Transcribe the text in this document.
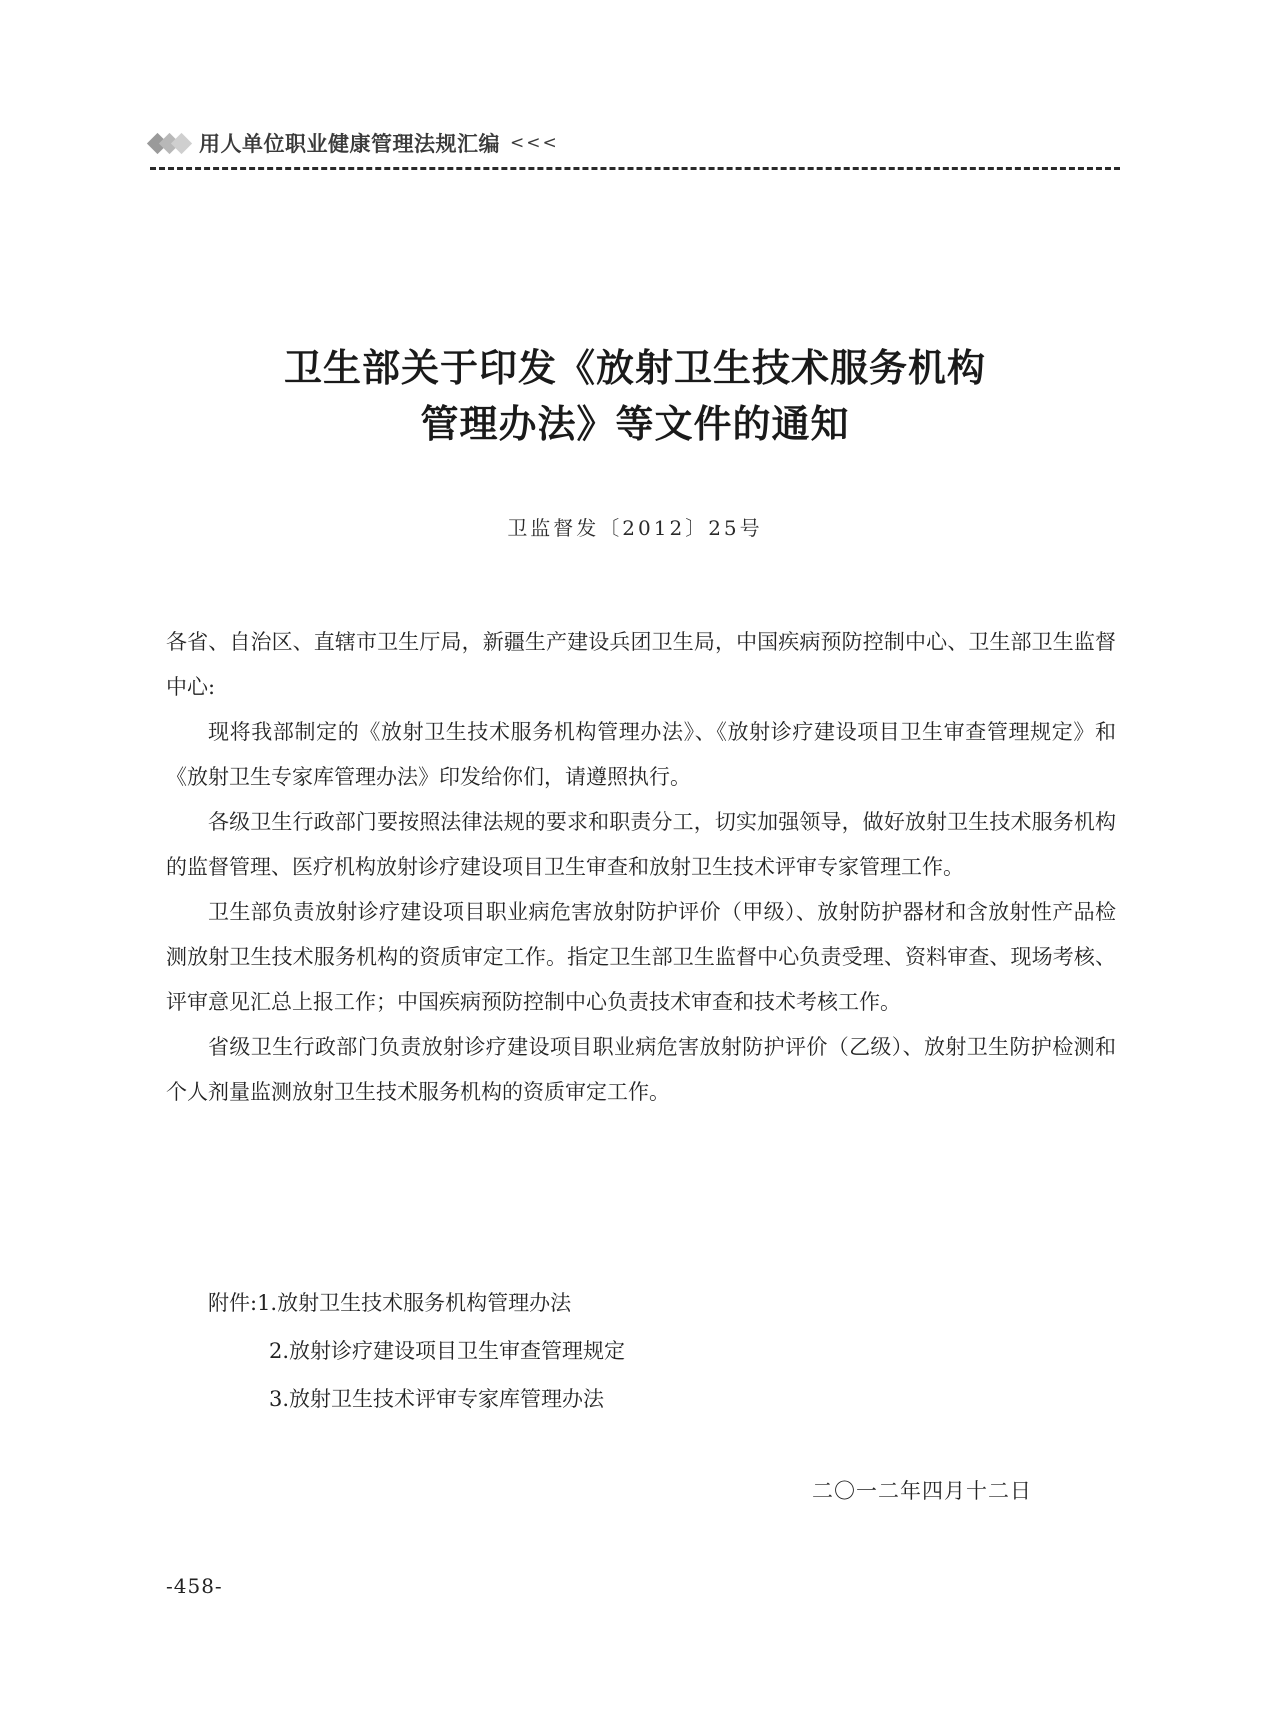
用人单位职业健康管理法规汇编 <<<
卫生部关于印发《放射卫生技术服务机构
管理办法》等文件的通知
卫监督发〔2012〕25号

各省、自治区、直辖市卫生厅局，新疆生产建设兵团卫生局，中国疾病预防控制中心、卫生部卫生监督中心:

现将我部制定的《放射卫生技术服务机构管理办法》、《放射诊疗建设项目卫生审查管理规定》和《放射卫生专家库管理办法》印发给你们，请遵照执行。

各级卫生行政部门要按照法律法规的要求和职责分工，切实加强领导，做好放射卫生技术服务机构的监督管理、医疗机构放射诊疗建设项目卫生审查和放射卫生技术评审专家管理工作。

卫生部负责放射诊疗建设项目职业病危害放射防护评价（甲级）、放射防护器材和含放射性产品检测放射卫生技术服务机构的资质审定工作。指定卫生部卫生监督中心负责受理、资料审查、现场考核、评审意见汇总上报工作；中国疾病预防控制中心负责技术审查和技术考核工作。

省级卫生行政部门负责放射诊疗建设项目职业病危害放射防护评价（乙级）、放射卫生防护检测和个人剂量监测放射卫生技术服务机构的资质审定工作。

附件:1.放射卫生技术服务机构管理办法
2.放射诊疗建设项目卫生审查管理规定
3.放射卫生技术评审专家库管理办法
二〇一二年四月十二日
-458-
